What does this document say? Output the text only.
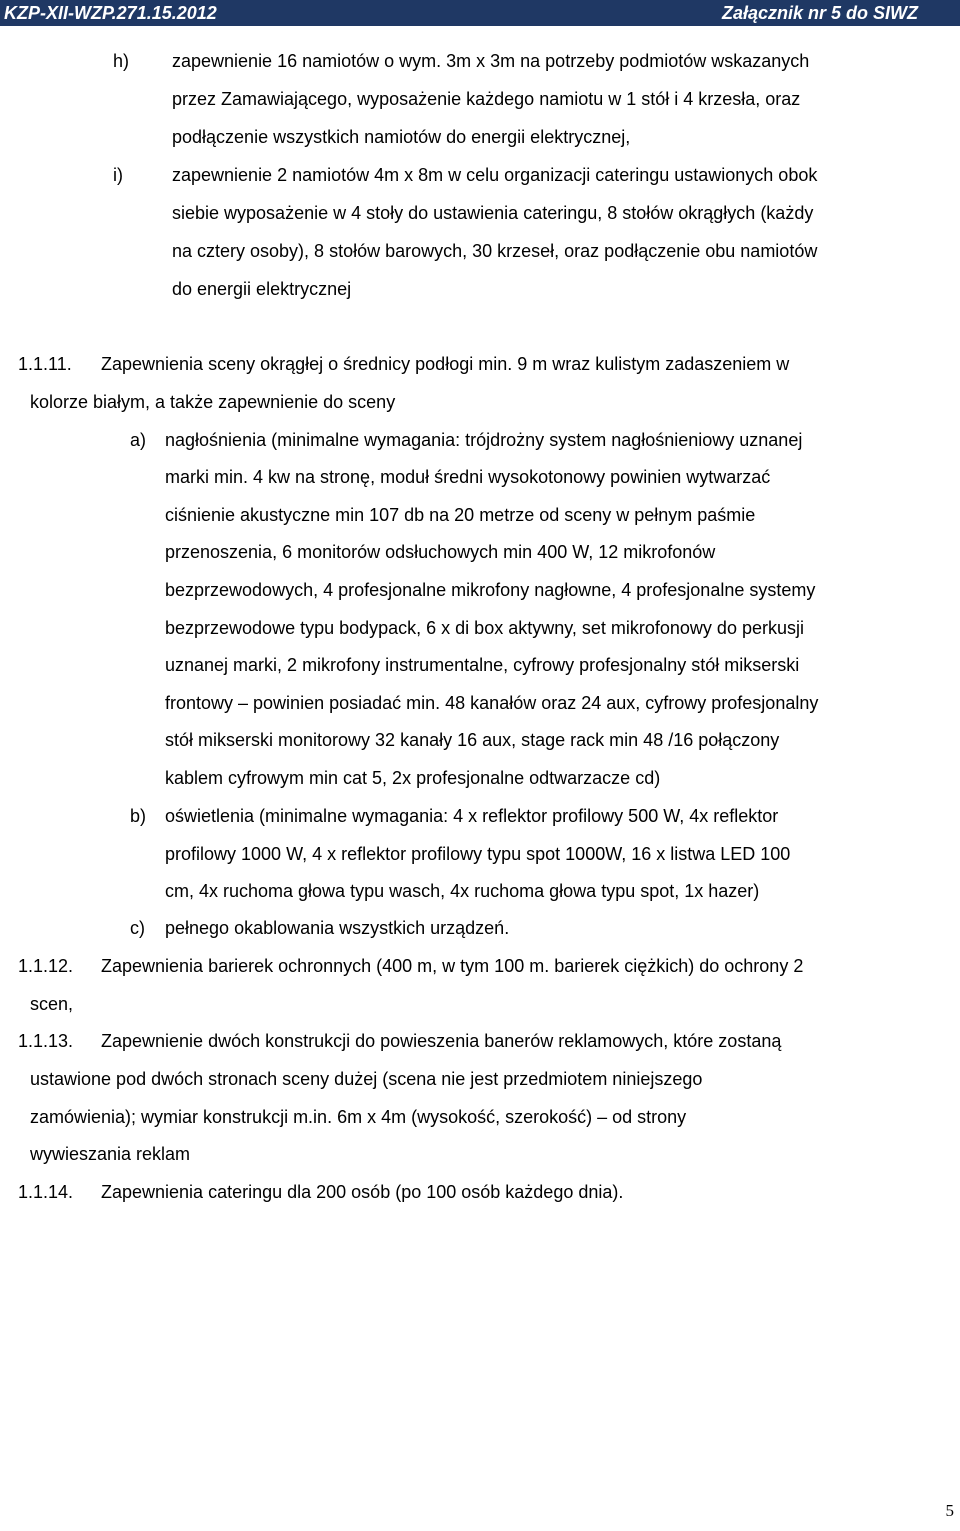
KZP-XII-WZP.271.15.2012	Załącznik nr 5 do SIWZ
h) zapewnienie 16 namiotów o wym. 3m x 3m na potrzeby podmiotów wskazanych
przez Zamawiającego, wyposażenie każdego namiotu w 1 stół i 4 krzesła, oraz
podłączenie wszystkich namiotów do energii elektrycznej,
i)	zapewnienie 2 namiotów 4m x 8m w celu organizacji cateringu ustawionych obok
siebie wyposażenie w 4 stoły do ustawienia cateringu, 8 stołów okrągłych (każdy
na cztery osoby), 8 stołów barowych, 30 krzeseł, oraz podłączenie obu namiotów
do energii elektrycznej
1.1.11. Zapewnienia sceny okrągłej o średnicy podłogi min. 9 m wraz kulistym zadaszeniem w
kolorze białym, a także zapewnienie do sceny
a) nagłośnienia (minimalne wymagania: trójdrożny system nagłośnieniowy uznanej
marki min. 4 kw na stronę, moduł średni wysokotonowy powinien wytwarzać
ciśnienie akustyczne min 107 db na 20 metrze od sceny w pełnym paśmie
przenoszenia, 6 monitorów odsłuchowych min 400 W, 12 mikrofonów
bezprzewodowych, 4 profesjonalne mikrofony nagłowne, 4 profesjonalne systemy
bezprzewodowe typu bodypack, 6 x di box aktywny, set mikrofonowy do perkusji
uznanej marki, 2 mikrofony instrumentalne, cyfrowy profesjonalny stół mikserski
frontowy – powinien posiadać min. 48 kanałów oraz 24 aux, cyfrowy profesjonalny
stół mikserski monitorowy 32 kanały 16 aux, stage rack min 48 /16 połączony
kablem cyfrowym min cat 5, 2x profesjonalne odtwarzacze cd)
b) oświetlenia (minimalne wymagania: 4 x reflektor profilowy 500 W, 4x reflektor
profilowy 1000 W, 4 x reflektor profilowy typu spot 1000W, 16 x listwa LED 100
cm, 4x ruchoma głowa typu wasch, 4x ruchoma głowa typu spot, 1x hazer)
c) pełnego okablowania wszystkich urządzeń.
1.1.12. Zapewnienia barierek ochronnych (400 m, w tym 100 m. barierek ciężkich) do ochrony 2
scen,
1.1.13. Zapewnienie dwóch konstrukcji do powieszenia banerów reklamowych, które zostaną
ustawione pod dwóch stronach sceny dużej (scena nie jest przedmiotem niniejszego
zamówienia); wymiar konstrukcji m.in. 6m x 4m (wysokość, szerokość) – od strony
wywieszania reklam
1.1.14. Zapewnienia cateringu dla 200 osób (po 100 osób każdego dnia).
5
